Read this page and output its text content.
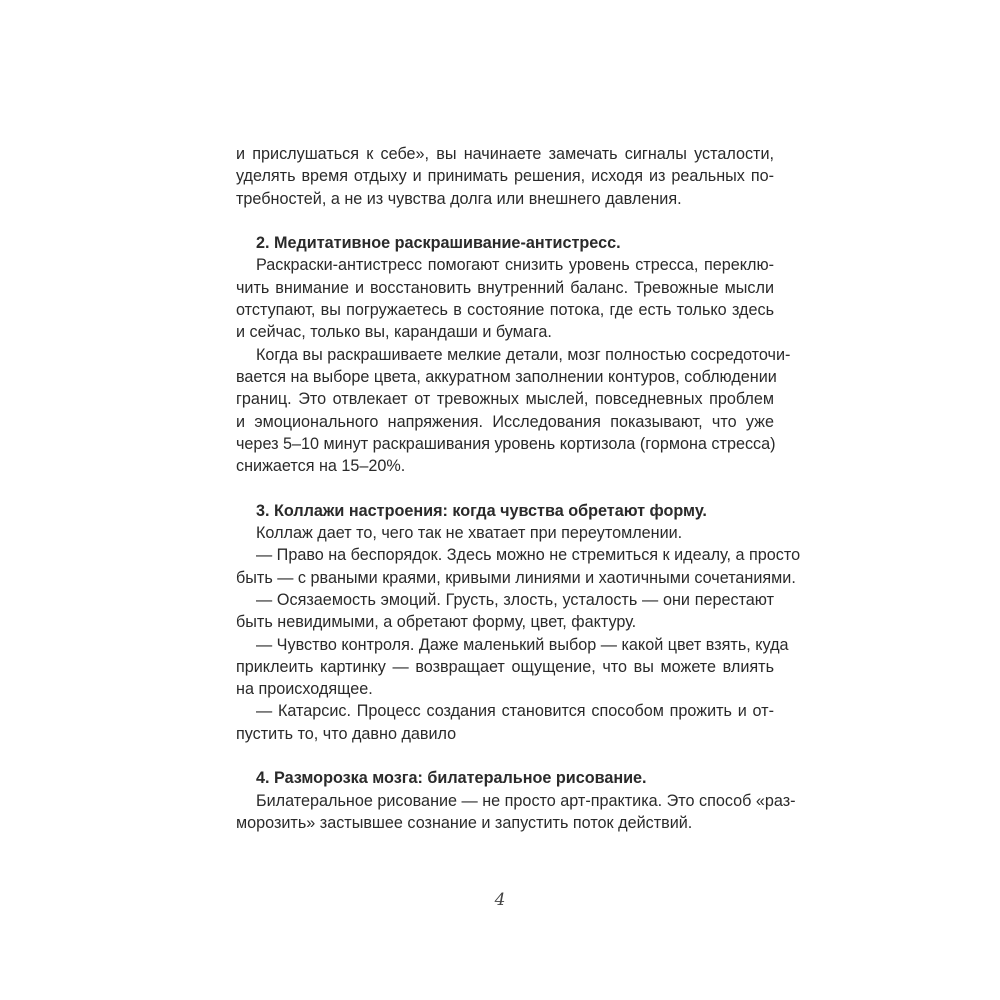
и прислушаться к себе», вы начинаете замечать сигналы усталости,
уделять время отдыху и принимать решения, исходя из реальных по-
требностей, а не из чувства долга или внешнего давления.
2. Медитативное раскрашивание-антистресс.
Раскраски-антистресс помогают снизить уровень стресса, переклю-
чить внимание и восстановить внутренний баланс. Тревожные мысли
отступают, вы погружаетесь в состояние потока, где есть только здесь
и сейчас, только вы, карандаши и бумага.
Когда вы раскрашиваете мелкие детали, мозг полностью сосредоточи-
вается на выборе цвета, аккуратном заполнении контуров, соблюдении
границ. Это отвлекает от тревожных мыслей, повседневных проблем
и эмоционального напряжения. Исследования показывают, что уже
через 5–10 минут раскрашивания уровень кортизола (гормона стресса)
снижается на 15–20%.
3. Коллажи настроения: когда чувства обретают форму.
Коллаж дает то, чего так не хватает при переутомлении.
— Право на беспорядок. Здесь можно не стремиться к идеалу, а просто
быть — с рваными краями, кривыми линиями и хаотичными сочетаниями.
— Осязаемость эмоций. Грусть, злость, усталость — они перестают
быть невидимыми, а обретают форму, цвет, фактуру.
— Чувство контроля. Даже маленький выбор — какой цвет взять, куда
приклеить картинку — возвращает ощущение, что вы можете влиять
на происходящее.
— Катарсис. Процесс создания становится способом прожить и от-
пустить то, что давно давило
4. Разморозка мозга: билатеральное рисование.
Билатеральное рисование — не просто арт-практика. Это способ «раз-
морозить» застывшее сознание и запустить поток действий.
4
